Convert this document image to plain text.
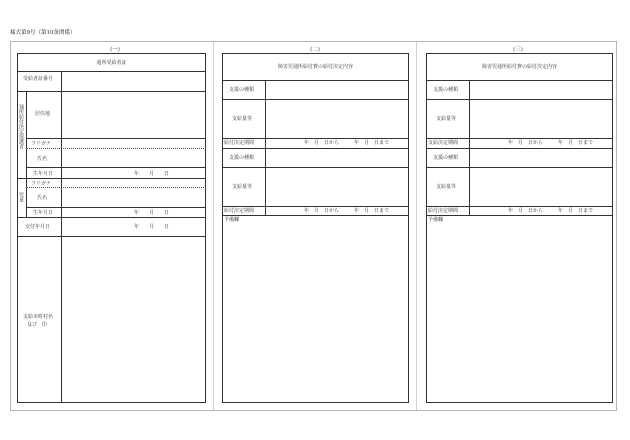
様式第9号（第10条関係）
(一)	(二)	(三)
通所受給者証
受給者証番号
通所給付決定保護者 居住地
フリガナ
氏名
生年月日	年　　月　　日
児童
フリガナ
氏名
生年月日	年　　月　　日
交付年月日	年　　月　　日
支給市町村名
及び　印
障害児通所給付費の給付決定内容
支援の種類
支給量等
給付決定期間	年　月　日から　　　年　月　日まで
支援の種類
支給量等
給付決定期間	年　月　日から　　　年　月　日まで
予備欄
障害児通所給付費の給付決定内容
支援の種類
支給量等
支給決定期間	年　月　日から　　　年　月　日まで
支援の種類
支給量等
給付決定期間	年　月　日から　　　年　月　日まで
予備欄
